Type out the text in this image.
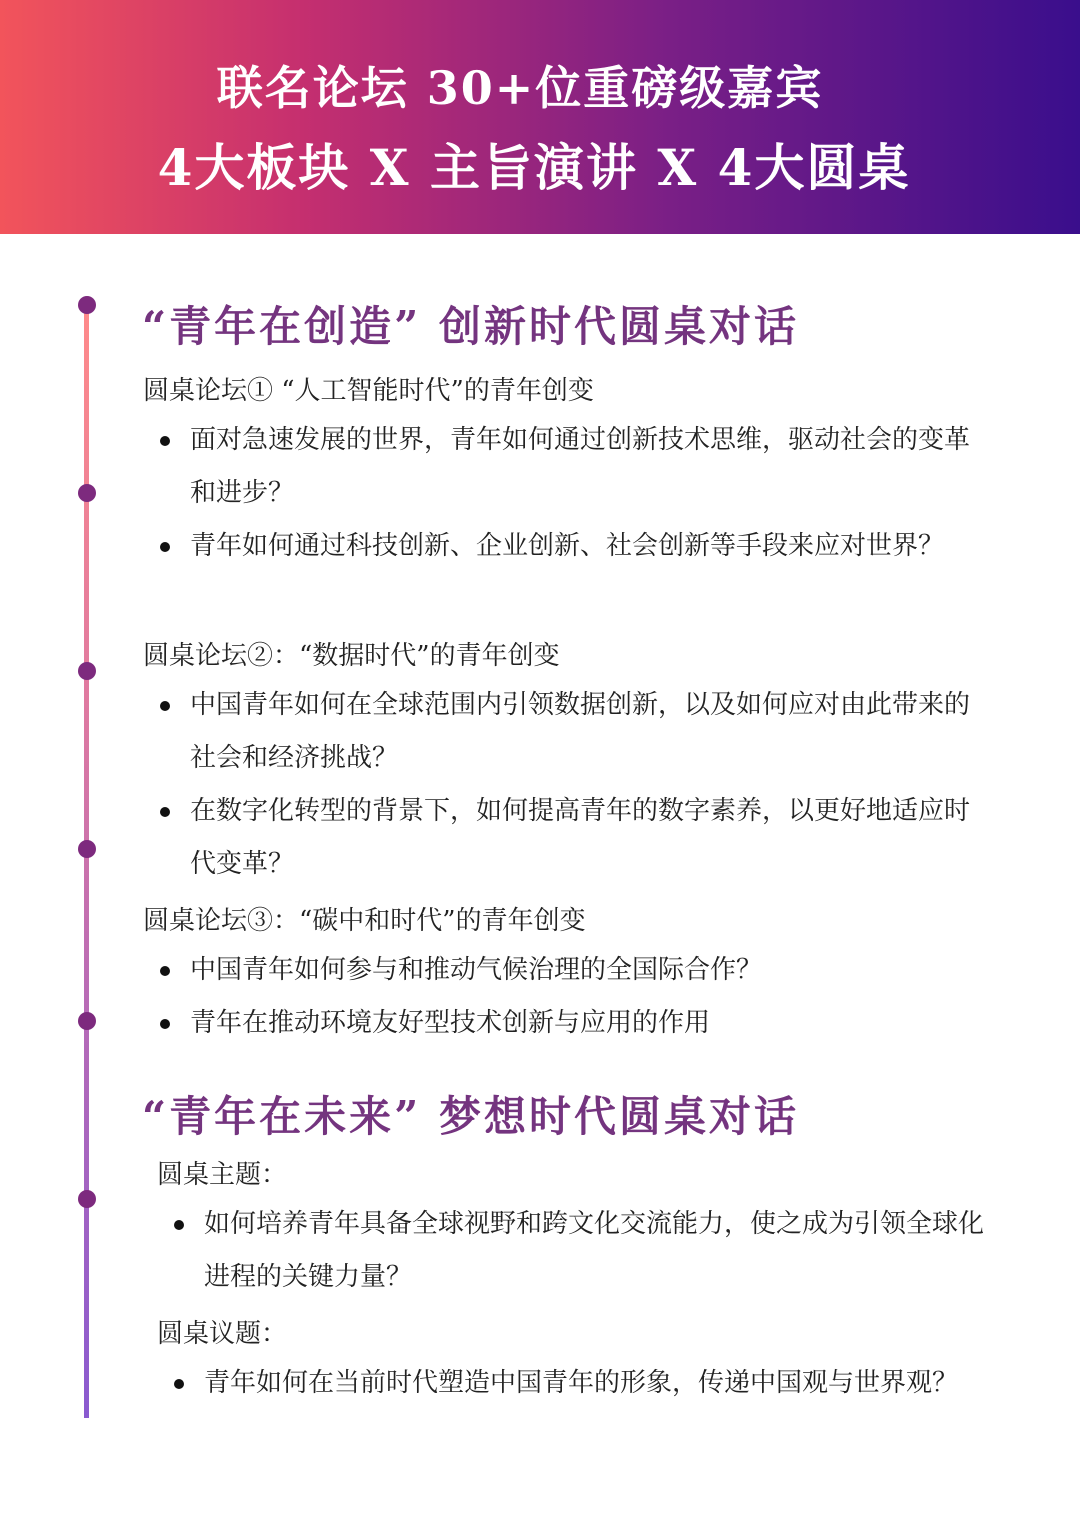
联名论坛 30+位重磅级嘉宾
4大板块 X 主旨演讲 X 4大圆桌
“青年在创造” 创新时代圆桌对话
圆桌论坛① “人工智能时代”的青年创变
面对急速发展的世界，青年如何通过创新技术思维，驱动社会的变革和进步？
青年如何通过科技创新、企业创新、社会创新等手段来应对世界？
圆桌论坛②：“数据时代”的青年创变
中国青年如何在全球范围内引领数据创新，以及如何应对由此带来的社会和经济挑战？
在数字化转型的背景下，如何提高青年的数字素养，以更好地适应时代变革？
圆桌论坛③：“碳中和时代”的青年创变
中国青年如何参与和推动气候治理的全国际合作？
青年在推动环境友好型技术创新与应用的作用
“青年在未来” 梦想时代圆桌对话
圆桌主题：
如何培养青年具备全球视野和跨文化交流能力，使之成为引领全球化进程的关键力量？
圆桌议题：
青年如何在当前时代塑造中国青年的形象，传递中国观与世界观？
